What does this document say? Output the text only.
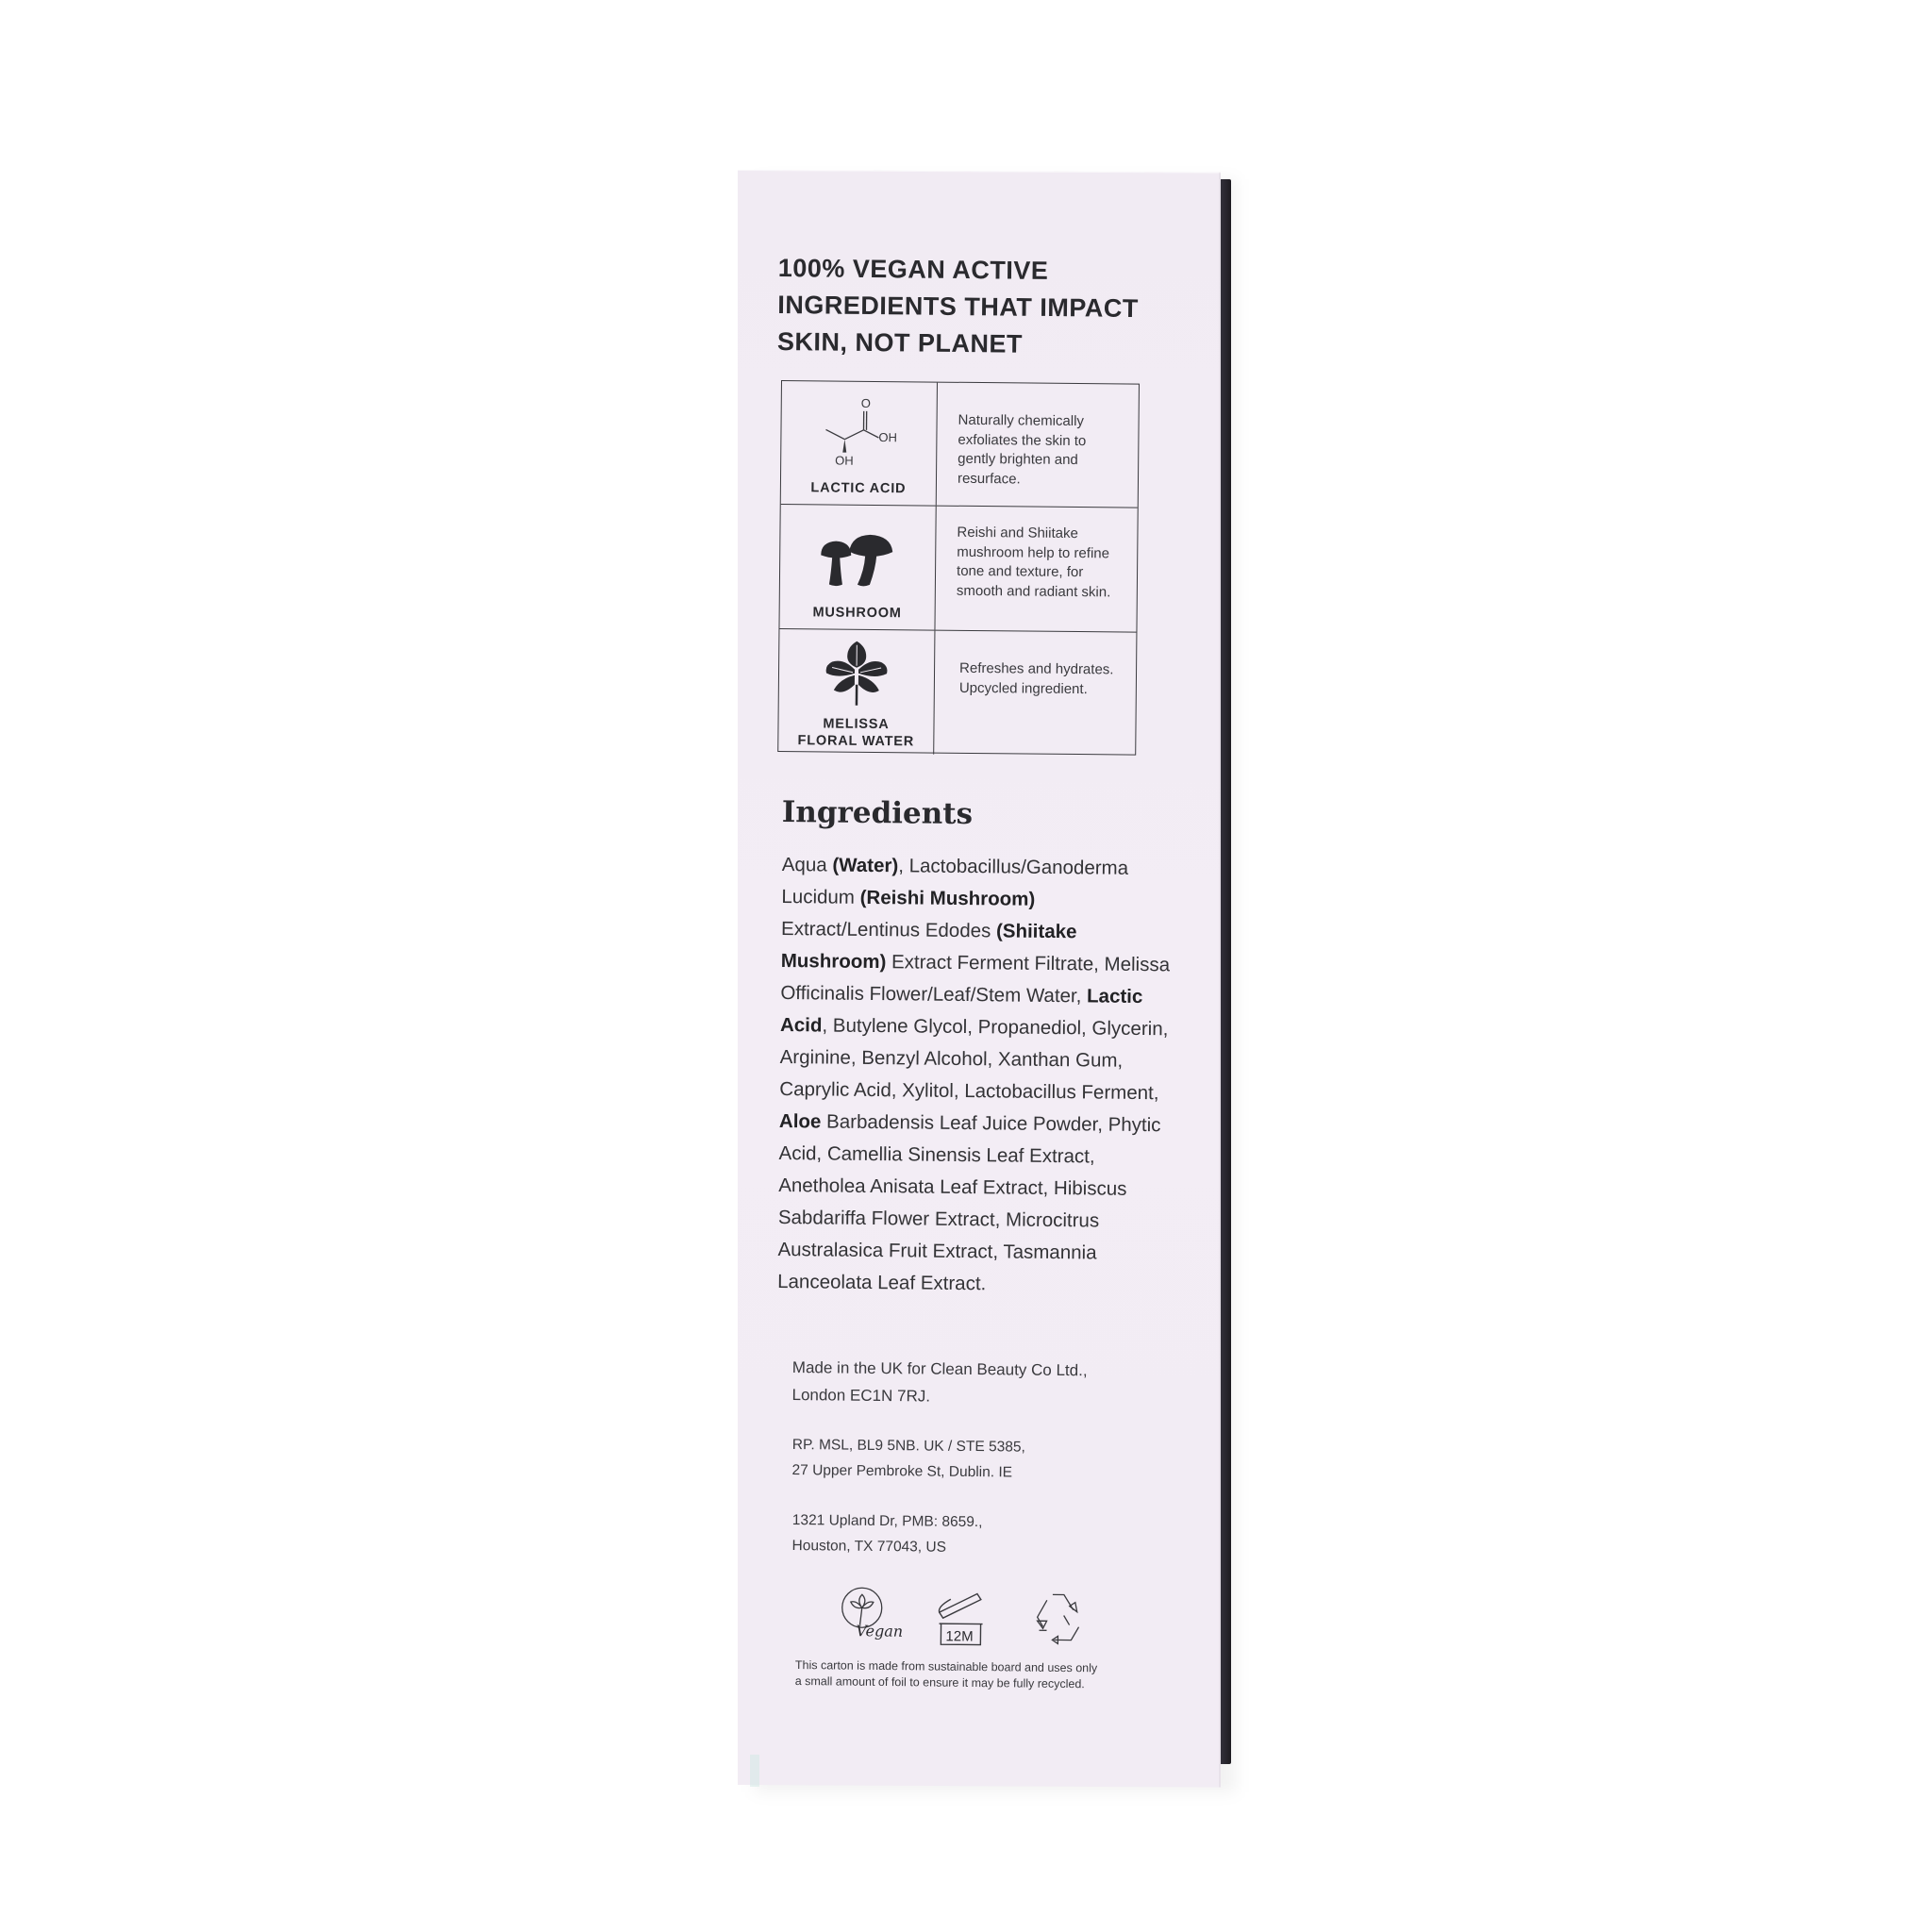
100% VEGAN ACTIVE
INGREDIENTS THAT IMPACT
SKIN, NOT PLANET
O
OH
OH
LACTIC ACID
Naturally chemically exfoliates the skin to gently brighten and resurface.
MUSHROOM
Reishi and Shiitake mushroom help to refine tone and texture, for smooth and radiant skin.
MELISSA
FLORAL WATER
Refreshes and hydrates.
Upcycled ingredient.
Ingredients
Aqua (Water), Lactobacillus/Ganoderma Lucidum (Reishi Mushroom) Extract/Lentinus Edodes (Shiitake Mushroom) Extract Ferment Filtrate, Melissa Officinalis Flower/Leaf/Stem Water, Lactic Acid, Butylene Glycol, Propanediol, Glycerin, Arginine, Benzyl Alcohol, Xanthan Gum, Caprylic Acid, Xylitol, Lactobacillus Ferment, Aloe Barbadensis Leaf Juice Powder, Phytic Acid, Camellia Sinensis Leaf Extract, Anetholea Anisata Leaf Extract, Hibiscus Sabdariffa Flower Extract, Microcitrus Australasica Fruit Extract, Tasmannia Lanceolata Leaf Extract.
Made in the UK for Clean Beauty Co Ltd.,
London EC1N 7RJ.
RP. MSL, BL9 5NB. UK / STE 5385,
27 Upper Pembroke St, Dublin. IE
1321 Upland Dr, PMB: 8659.,
Houston, TX 77043, US
Vegan	12M
This carton is made from sustainable board and uses only
a small amount of foil to ensure it may be fully recycled.
